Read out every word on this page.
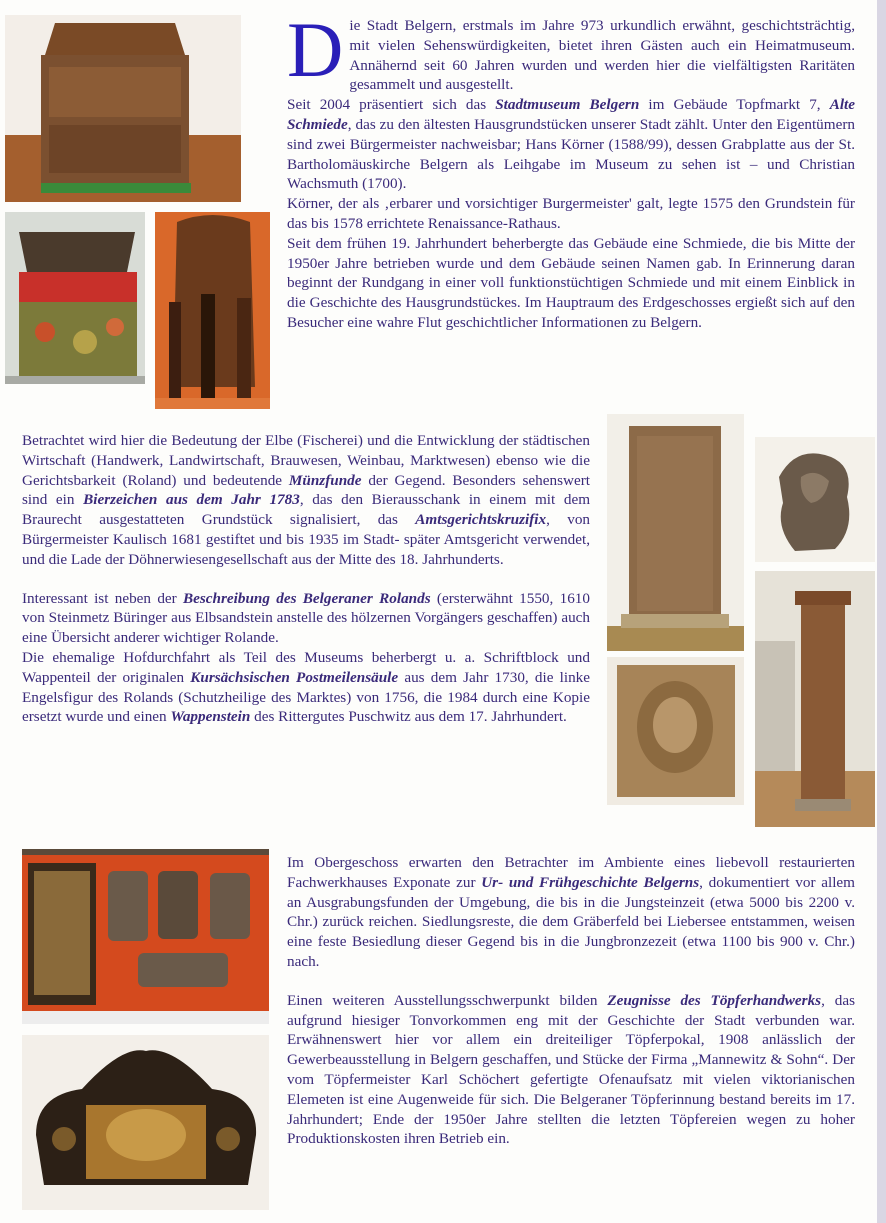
Die Stadt Belgern, erstmals im Jahre 973 urkundlich erwähnt, geschichtsträchtig, mit vielen Sehenswürdigkeiten, bietet ihren Gästen auch ein Heimatmuseum. Annähernd seit 60 Jahren wurden und werden hier die vielfältigsten Raritäten gesammelt und ausgestellt.

Seit 2004 präsentiert sich das Stadtmuseum Belgern im Gebäude Topfmarkt 7, Alte Schmiede, das zu den ältesten Hausgrundstücken unserer Stadt zählt. Unter den Eigentümern sind zwei Bürgermeister nachweisbar; Hans Körner (1588/99), dessen Grabplatte aus der St. Bartholomäuskirche Belgern als Leihgabe im Museum zu sehen ist – und Christian Wachsmuth (1700).

Körner, der als ‚erbarer und vorsichtiger Burgermeister' galt, legte 1575 den Grundstein für das bis 1578 errichtete Renaissance-Rathaus.

Seit dem frühen 19. Jahrhundert beherbergte das Gebäude eine Schmiede, die bis Mitte der 1950er Jahre betrieben wurde und dem Gebäude seinen Namen gab. In Erinnerung daran beginnt der Rundgang in einer voll funktionstüchtigen Schmiede und mit einem Einblick in die Geschichte des Hausgrundstückes. Im Hauptraum des Erdgeschosses ergießt sich auf den Besucher eine wahre Flut geschichtlicher Informationen zu Belgern.

Betrachtet wird hier die Bedeutung der Elbe (Fischerei) und die Entwicklung der städtischen Wirtschaft (Handwerk, Landwirtschaft, Brauwesen, Weinbau, Marktwesen) ebenso wie die Gerichtsbarkeit (Roland) und bedeutende Münzfunde der Gegend. Besonders sehenswert sind ein Bierzeichen aus dem Jahr 1783, das den Bierausschank in einem mit dem Braurecht ausgestatteten Grundstück signalisiert, das Amtsgerichtskruzifix, von Bürgermeister Kaulisch 1681 gestiftet und bis 1935 im Stadt- später Amtsgericht verwendet, und die Lade der Döhnerwiesengesellschaft aus der Mitte des 18. Jahrhunderts.

Interessant ist neben der Beschreibung des Belgeraner Rolands (ersterwähnt 1550, 1610 von Steinmetz Büringer aus Elbsandstein anstelle des hölzernen Vorgängers geschaffen) auch eine Übersicht anderer wichtiger Rolande.

Die ehemalige Hofdurchfahrt als Teil des Museums beherbergt u. a. Schriftblock und Wappenteil der originalen Kursächsischen Postmeilensäule aus dem Jahr 1730, die linke Engelsfigur des Rolands (Schutzheilige des Marktes) von 1756, die 1984 durch eine Kopie ersetzt wurde und einen Wappenstein des Rittergutes Puschwitz aus dem 17. Jahrhundert.

Im Obergeschoss erwarten den Betrachter im Ambiente eines liebevoll restaurierten Fachwerkhauses Exponate zur Ur- und Frühgeschichte Belgerns, dokumentiert vor allem an Ausgrabungsfunden der Umgebung, die bis in die Jungsteinzeit (etwa 5000 bis 2200 v. Chr.) zurück reichen. Siedlungsreste, die dem Gräberfeld bei Liebersee entstammen, weisen eine feste Besiedlung dieser Gegend bis in die Jungbronzezeit (etwa 1100 bis 900 v. Chr.) nach.

Einen weiteren Ausstellungsschwerpunkt bilden Zeugnisse des Töpferhandwerks, das aufgrund hiesiger Tonvorkommen eng mit der Geschichte der Stadt verbunden war. Erwähnenswert hier vor allem ein dreiteiliger Töpferpokal, 1908 anlässlich der Gewerbeausstellung in Belgern geschaffen, und Stücke der Firma „Mannewitz & Sohn“. Der vom Töpfermeister Karl Schöchert gefertigte Ofenaufsatz mit vielen viktorianischen Elemeten ist eine Augenweide für sich. Die Belgeraner Töpferinnung bestand bereits im 17. Jahrhundert; Ende der 1950er Jahre stellten die letzten Töpfereien wegen zu hoher Produktionskosten ihren Betrieb ein.
